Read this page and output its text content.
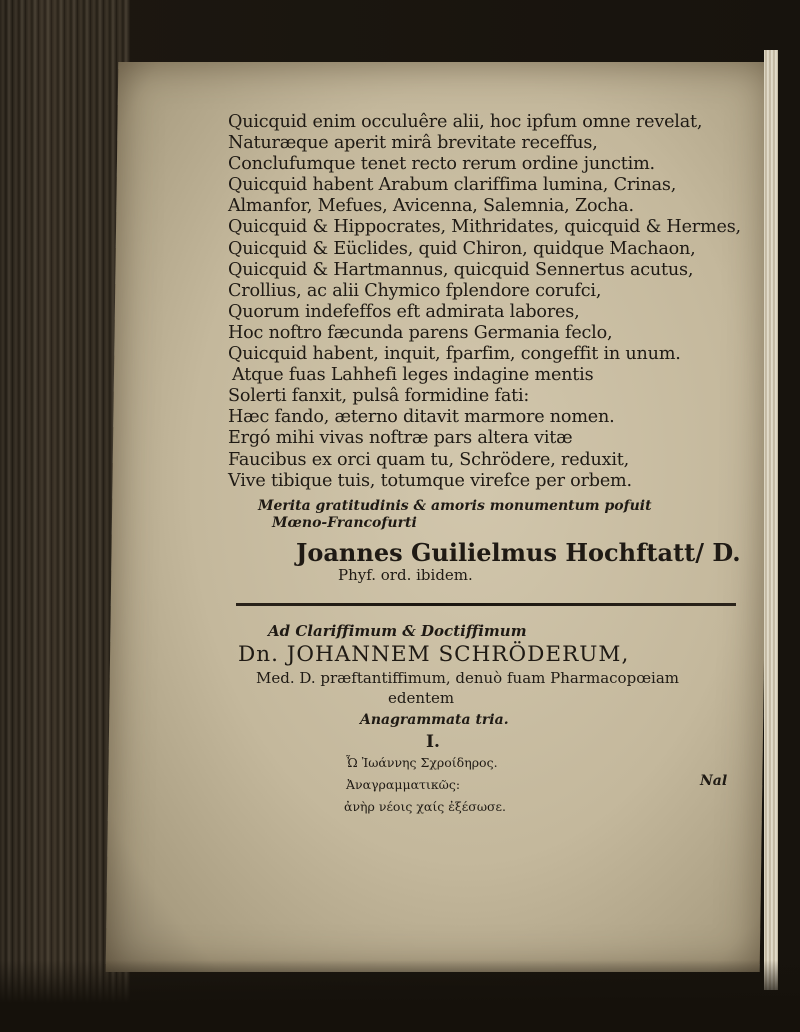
Quicquid enim occuluêre alii, hoc ipfum omne revelat,
Naturæque aperit mirâ brevitate receffus,
Conclufumque tenet recto rerum ordine junctim.
Quicquid habent Arabum clariffima lumina, Crinas,
Almanfor, Mefues, Avicenna, Salemnia, Zocha.
Quicquid & Hippocrates, Mithridates, quicquid & Hermes,
Quicquid & Eüclides, quid Chiron, quidque Machaon,
Quicquid & Hartmannus, quicquid Sennertus acutus,
Crollius, ac alii Chymico fplendore corufci,
Quorum indefeffos eft admirata labores,
Hoc noftro fæcunda parens Germania feclo,
Quicquid habent, inquit, fparfim, congeffit in unum.
Atque fuas Lahhefi leges indagine mentis
Solerti fanxit, pulsâ formidine fati:
Hæc fando, æterno ditavit marmore nomen.
Ergó mihi vivas noftræ pars altera vitæ
Faucibus ex orci quam tu, Schrödere, reduxit,
Vive tibique tuis, totumque virefce per orbem.
Merita gratitudinis & amoris monumentum pofuit
Mœno-Francofurti
Joannes Guilielmus Hochftatt/ D.
Phyf. ord. ibidem.
Ad Clariffimum & Doctiffimum
Dn. JOHANNEM SCHRÖDERUM,
Med. D. præftantiffimum, denuò fuam Pharmacopœiam
edentem
Anagrammata tria.
I.
Ὦ Ἰωάννης Σχροίδηρος.
Ἀναγραμματικῶς:
ἀνὴρ νέοις χαίς ἐξέσωσε.
Nal
